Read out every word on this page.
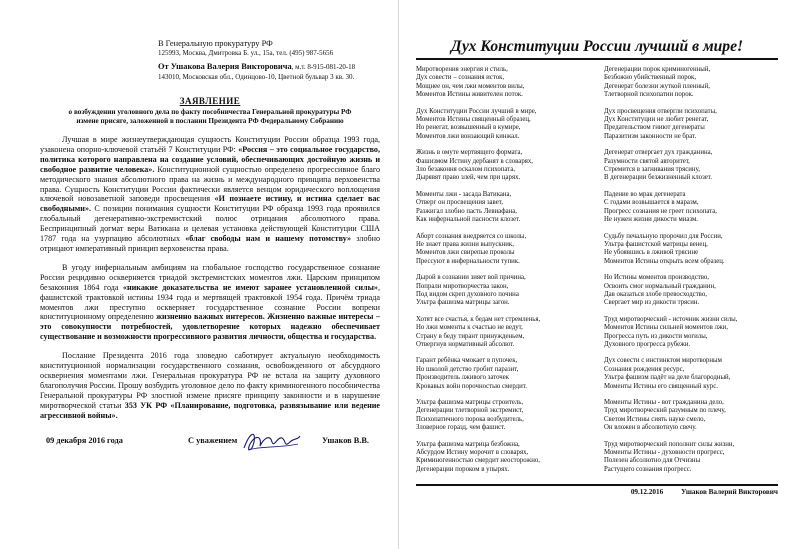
В Генеральную прокуратуру РФ
125993, Москва, Дмитровка Б. ул., 15а, тел. (495) 987-5656
От Ушакова Валерия Викторовича, м.т. 8-915-081-20-18
143010, Московская обл., Одинцово-10, Цветной бульвар 3 кв. 30.
ЗАЯВЛЕНИЕ
о возбуждении уголовного дела по факту пособничества Генеральной прокуратуры РФ
измене присяге, заложенной в послании Президента РФ Федеральному Собранию

Лучшая в мире жизнеутверждающая сущность Конституции России образца 1993 года, узаконена опорно-ключевой статьёй 7 Конституции РФ: «Россия – это социальное государство, политика которого направлена на создание условий, обеспечивающих достойную жизнь и свободное развитие человека». Конституционной сущностью определено прогрессивное благо методического знания абсолютного права на жизнь и международного принципа верховенства права. Сущность Конституции России фактически является венцом юридического воплощения ключевой новозаветной заповеди просвещения «И познаете истину, и истина сделает вас свободными». С позиции понимания сущности Конституции РФ образца 1993 года проявился глобальный дегенеративно-экстремистский полюс отрицания абсолютного права. Беспринципный догмат веры Ватикана и целевая установка действующей Конституции США 1787 года на узурпацию абсолютных «благ свободы нам и нашему потомству» злобно отрицают императивный принцип верховенства права.

В угоду инфернальным амбициям на глобальное господство государственное сознание России рецидивно оскверняется триадой экстремистских моментов лжи. Царским принципом безаконния 1864 года «никакие доказательства не имеют заранее установленной силы», фашистской трактовкой истины 1934 года и мертвящей трактовкой 1954 года. Причём триада моментов лжи преступно оскверняет государственное сознание России вопреки конституционному определению жизненно важных интересов. Жизненно важные интересы – это совокупности потребностей, удовлетворение которых надежно обеспечивает существование и возможности прогрессивного развития личности, общества и государства.

Послание Президента 2016 года зловедно саботирует актуальную необходимость конституционной нормализации государственного сознания, освобожденного от абсурдного осквернения моментами лжи. Генеральная прокуратура РФ не встала на защиту духовного благополучия России. Прошу возбудить уголовное дело по факту криминогенного пособничества Генеральной прокуратуры РФ злостной измене присяге принципу законности и в нарушение миротворческой статьи 353 УК РФ «Планирование, подготовка, развязывание или ведение агрессивной войны».

09 декабря 2016 года	С уважением	Ушаков В.В.
Дух Конституции России лучший в мире!
Миротворения энергия и стиль,
Дух совести – сознания исток,
Мощнее он, чем лжи моментов вилы,
Моментов Истины живителен поток.
Дух Конституции России лучший в мире,
Моментов Истины священный образец,
Но ренегат, возвышенный в кумире,
Моментов лжи вонзающий кинжал.
Жизнь в омуте мертвящего формата,
Фашизмом Истину дербанят в словарях,
Зло безаконня оскалом психопата,
Дырявят право злей, чем при царях.
Моменты лжи - засада Ватикана,
Отверг он просвещения завет,
Разжигал злобно пасть Левиафана,
Как инфернальной пасности клозет.
Аборт сознания внедряется со школы,
Не знает права жизни выпускник,
Моментов лжи свирепые проколы
Прессуют в инфернальности тупик.
Дырой в сознании зияет вой причина,
Попрали миротворчества закон,
Под видом скреп духовного почина
Ультра фашизма матрицы загон.
Хотят все счастья, к бедам нет стремленья,
Но лжи моменты к счастью не ведут,
Страну в беду тирант принужденьем,
Отвергнув нормативный абсолют.
Гарант ребёнка чмокает в пупочек,
Но школой детство гробит паразит,
Производитель лживого заточек
Кровавых войн порочностью смердит.
Ультра фашизма матрицы строитель,
Дегенерации тлетворной экстремист,
Психопатичного порока возбудитель,
Зловерное горазд, чем фашист.
Ультра фашизма матрица безбожна,
Абсурдом Истину морочит в словарях,
Криминогенностью смердит неосторожно,
Дегенерации пороком в упырях.
Дегенерации порок криминогенный,
Безбожно убийственный порок,
Дегенерат болезни жуткой пленный,
Тлетворной психопатии порок.
Дух просвещения отвергли психопаты,
Дух Конституции не любит ренегат,
Предательством гниют дегенераты
Паразитизм законности не брат.
Дегенерат отвергает дух гражданина,
Разумности святой авторитет,
Стремится в загнивания трясину,
В дегенерации безжизненный клозет.
Падение во мрак дегенерата
С годами возвышается в маразм,
Прогресс сознания не греет психопата,
Не нужен жизни дикости миазм.
Судьбу печальную пророчил для России,
Ультра фашистской матрицы венец,
Не убоявшись в лживой трясине
Моментов Истины открыть всем образец.
Но Истины моментов производство,
Освоить смог нормальный гражданин,
Дав оказаться злобе превосходство,
Свергает мир из дикости трясин.
Труд миротворческий - источник жизни силы,
Моментов Истины сильней моментов лжи,
Прогресса путь из дикости могилы,
Духовного прогресса рубежи.
Дух совести с инстинктом миротворным
Сознания рождения ресурс,
Ультра фашизм падёт на деле благородный,
Моменты Истины его священный курс.
Моменты Истины - вот гражданина дело,
Труд миротворческий разумным по плечу,
Светом Истины сиять науке смело,
Он вложен в абсолютную свечу.
Труд миротворческий пополнит силы жизни,
Моменты Истины - духовности прогресс,
Полезен абсолютно для Отчизны
Растущего сознания прогресс.
09.12.2016	Ушаков Валерий Викторович
